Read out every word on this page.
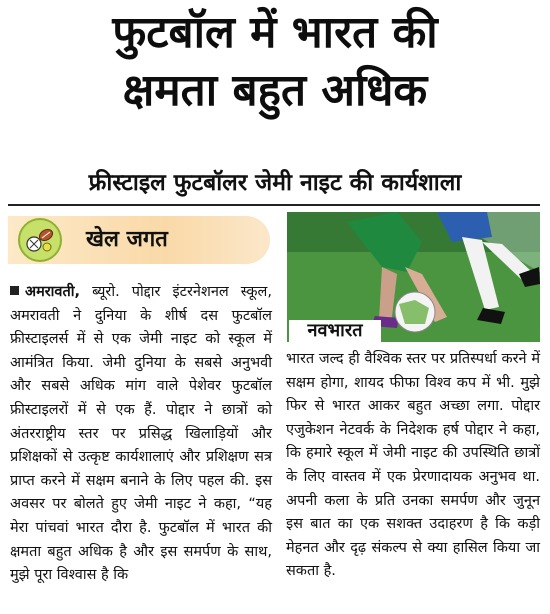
फुटबॉल में भारत की
क्षमता बहुत अधिक
फ्रीस्टाइल फुटबॉलर जेमी नाइट की कार्यशाला
खेल जगत
नवभारत

अमरावती, ब्यूरो. पोद्दार इंटरनेशनल स्कूल, अमरावती ने दुनिया के शीर्ष दस फुटबॉल फ्रीस्टाइलर्स में से एक जेमी नाइट को स्कूल में आमंत्रित किया. जेमी दुनिया के सबसे अनुभवी और सबसे अधिक मांग वाले पेशेवर फुटबॉल फ्रीस्टाइलरों में से एक हैं. पोद्दार ने छात्रों को अंतरराष्ट्रीय स्तर पर प्रसिद्ध खिलाड़ियों और प्रशिक्षकों से उत्कृष्ट कार्यशालाएं और प्रशिक्षण सत्र प्राप्त करने में सक्षम बनाने के लिए पहल की. इस अवसर पर बोलते हुए जेमी नाइट ने कहा, “यह मेरा पांचवां भारत दौरा है. फुटबॉल में भारत की क्षमता बहुत अधिक है और इस समर्पण के साथ, मुझे पूरा विश्वास है कि

भारत जल्द ही वैश्विक स्तर पर प्रतिस्पर्धा करने में सक्षम होगा, शायद फीफा विश्व कप में भी. मुझे फिर से भारत आकर बहुत अच्छा लगा. पोद्दार एजुकेशन नेटवर्क के निदेशक हर्ष पोद्दार ने कहा, कि हमारे स्कूल में जेमी नाइट की उपस्थिति छात्रों के लिए वास्तव में एक प्रेरणादायक अनुभव था. अपनी कला के प्रति उनका समर्पण और जुनून इस बात का एक सशक्त उदाहरण है कि कड़ी मेहनत और दृढ़ संकल्प से क्या हासिल किया जा सकता है.
